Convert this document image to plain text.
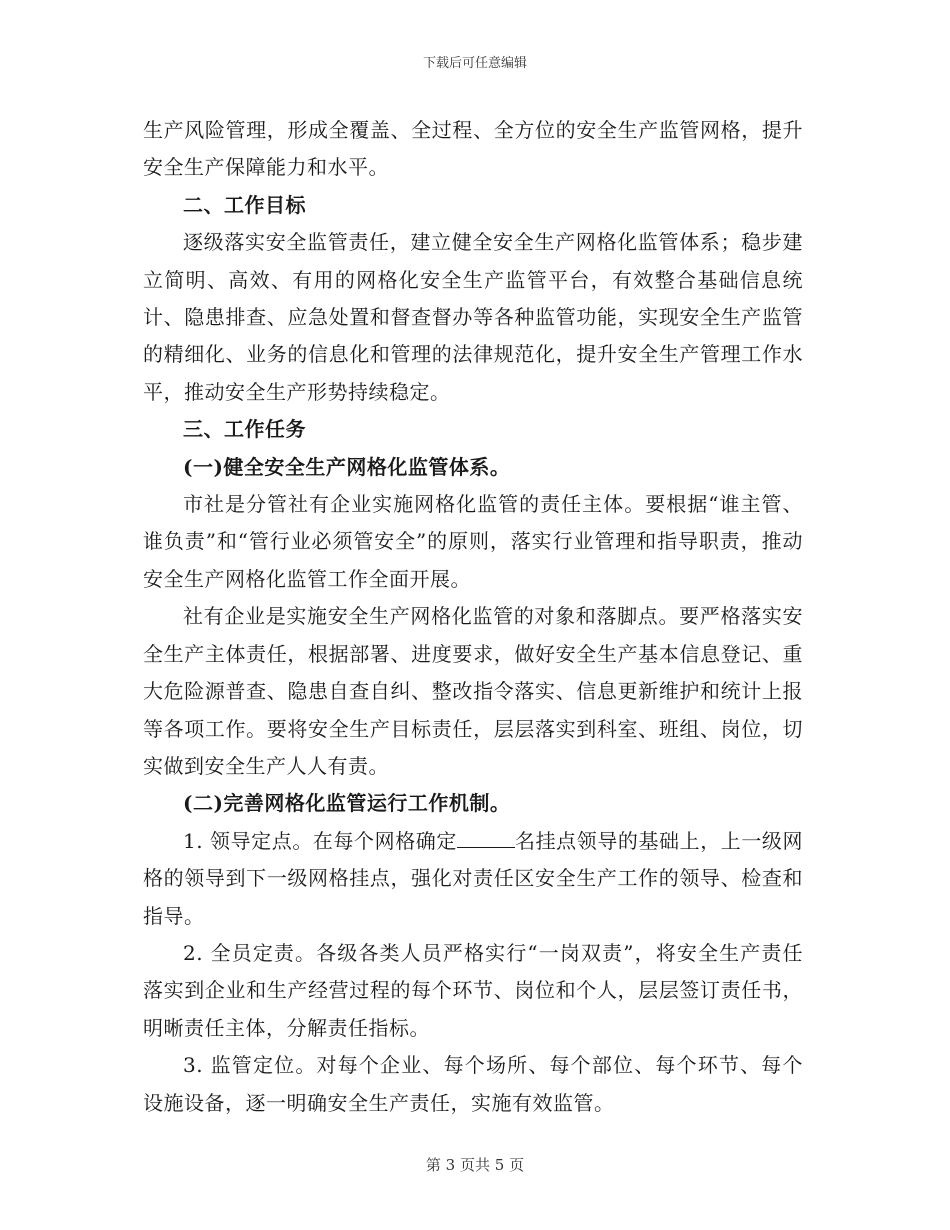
下载后可任意编辑

生产风险管理，形成全覆盖、全过程、全方位的安全生产监管网格，提升安全生产保障能力和水平。

二、工作目标

逐级落实安全监管责任，建立健全安全生产网格化监管体系；稳步建立简明、高效、有用的网格化安全生产监管平台，有效整合基础信息统计、隐患排查、应急处置和督查督办等各种监管功能，实现安全生产监管的精细化、业务的信息化和管理的法律规范化，提升安全生产管理工作水平，推动安全生产形势持续稳定。

三、工作任务

(一)健全安全生产网格化监管体系。

市社是分管社有企业实施网格化监管的责任主体。要根据“谁主管、谁负责”和“管行业必须管安全”的原则，落实行业管理和指导职责，推动安全生产网格化监管工作全面开展。

社有企业是实施安全生产网格化监管的对象和落脚点。要严格落实安全生产主体责任，根据部署、进度要求，做好安全生产基本信息登记、重大危险源普查、隐患自查自纠、整改指令落实、信息更新维护和统计上报等各项工作。要将安全生产目标责任，层层落实到科室、班组、岗位，切实做到安全生产人人有责。

(二)完善网格化监管运行工作机制。

1. 领导定点。在每个网格确定	名挂点领导的基础上，上一级网格的领导到下一级网格挂点，强化对责任区安全生产工作的领导、检查和指导。

2. 全员定责。各级各类人员严格实行“一岗双责”，将安全生产责任落实到企业和生产经营过程的每个环节、岗位和个人，层层签订责任书，明晰责任主体，分解责任指标。

3. 监管定位。对每个企业、每个场所、每个部位、每个环节、每个设施设备，逐一明确安全生产责任，实施有效监管。

第 3 页共 5 页
